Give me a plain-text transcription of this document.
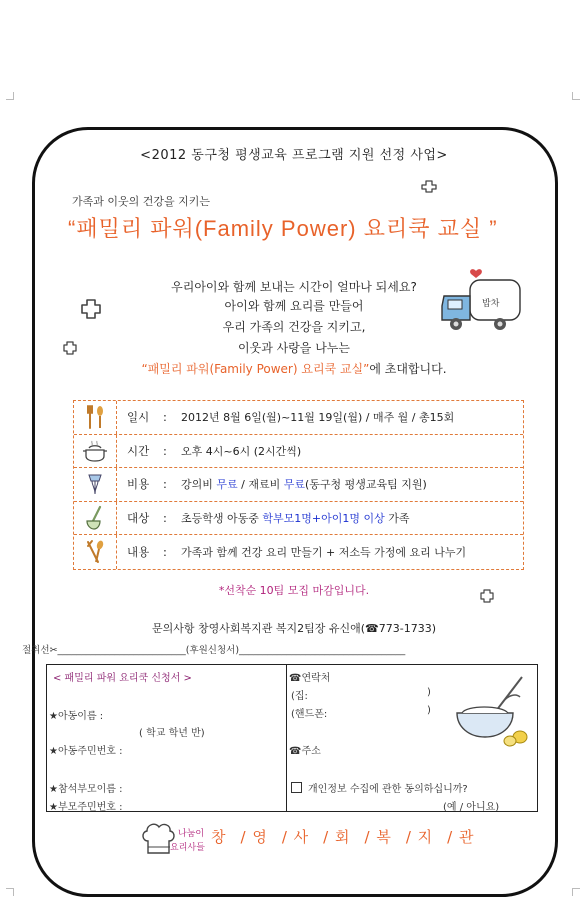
<2012 동구청 평생교육 프로그램 지원 선정 사업>
가족과 이웃의 건강을 지키는
“패밀리 파워(Family Power) 요리쿡 교실 ”
우리아이와 함께 보내는 시간이 얼마나 되세요?
아이와 함께 요리를 만들어
우리 가족의 건강을 지키고,
이웃과 사랑을 나누는
“패밀리 파워(Family Power) 요리쿡 교실”에 초대합니다.
밥차
일시	:	2012년 8월 6일(월)~11월 19일(월) / 매주 월 / 총15회
시간	:	오후 4시~6시 (2시간씩)
비용	:	강의비 무료 / 재료비 무료(동구청 평생교육팀 지원)
대상	:	초등학생 아동중 학부모1명+아이1명 이상 가족
내용	:	가족과 함께 건강 요리 만들기 + 저소득 가정에 요리 나누기
*선착순 10팀 모집 마감입니다.
문의사항 창영사회복지관 복지2팀장 유신애(☎773-1733)
절취선✂___________________________(후원신청서)___________________________________
< 패밀리 파워 요리쿡 신청서 >
★아동이름 :
( 학교 학년 반)
★아동주민번호 :
★참석부모이름 :
★부모주민번호 :
☎연락처
(집:	)
(핸드폰:	)
☎주소
개인정보 수집에 관한 동의하십니까?
(예 / 아니요)
나눔이
요리사들
창 / 영 / 사 / 회 / 복 / 지 / 관
